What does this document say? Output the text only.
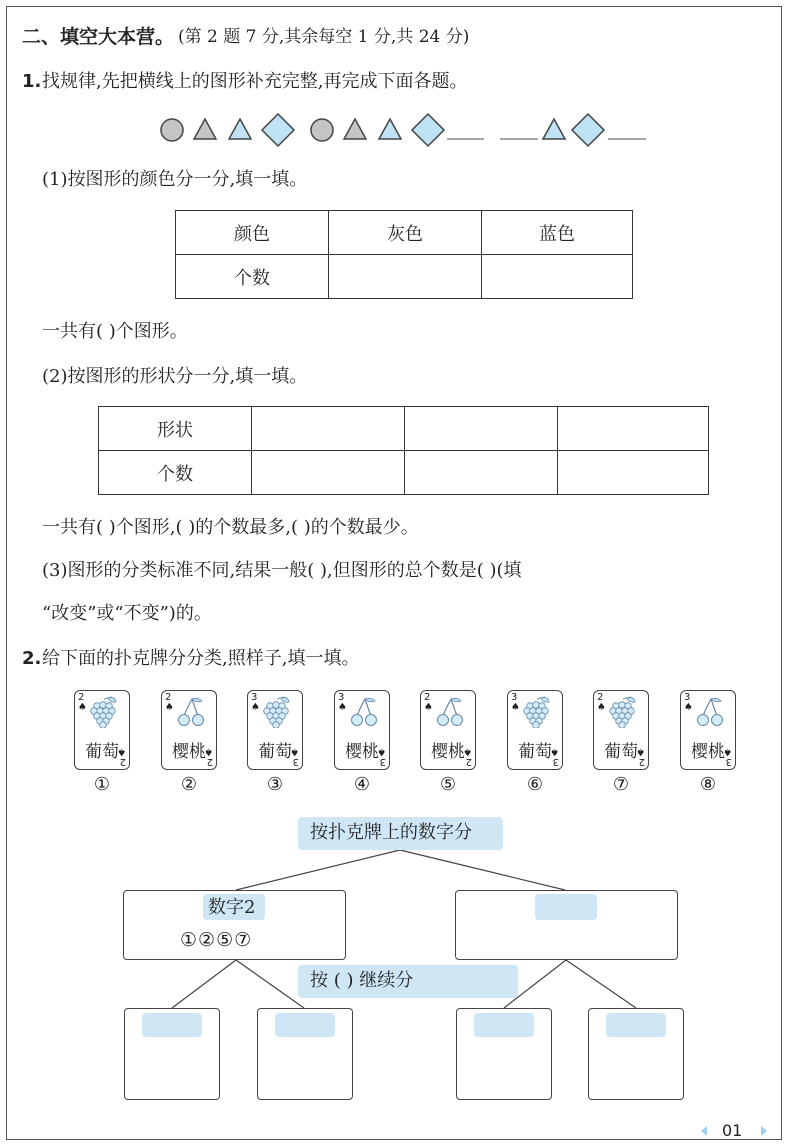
二、填空大本营。 (第 2 题 7 分,其余每空 1 分,共 24 分)
1. 找规律,先把横线上的图形补充完整,再完成下面各题。
(1)按图形的颜色分一分,填一填。
颜色	灰色	蓝色
个数		
一共有( )个图形。
(2)按图形的形状分一分,填一填。
形状			
个数			
一共有( )个图形,( )的个数最多,( )的个数最少。
(3)图形的分类标准不同,结果一般( ),但图形的总个数是( )(填
“改变”或“不变”)的。
2. 给下面的扑克牌分分类,照样子,填一填。
2
♠
葡萄 2
♠
①
2
♠
樱桃 2
♠
②
3
♠
葡萄 3
♠
③
3
♠
樱桃 3
♠
④
2
♠
樱桃 2
♠
⑤
3
♠
葡萄 3
♠
⑥
2
♠
葡萄 2
♠
⑦
3
♠
樱桃 3
♠
⑧
按扑克牌上的数字分
数字2
①②⑤⑦
按 ( ) 继续分
01
